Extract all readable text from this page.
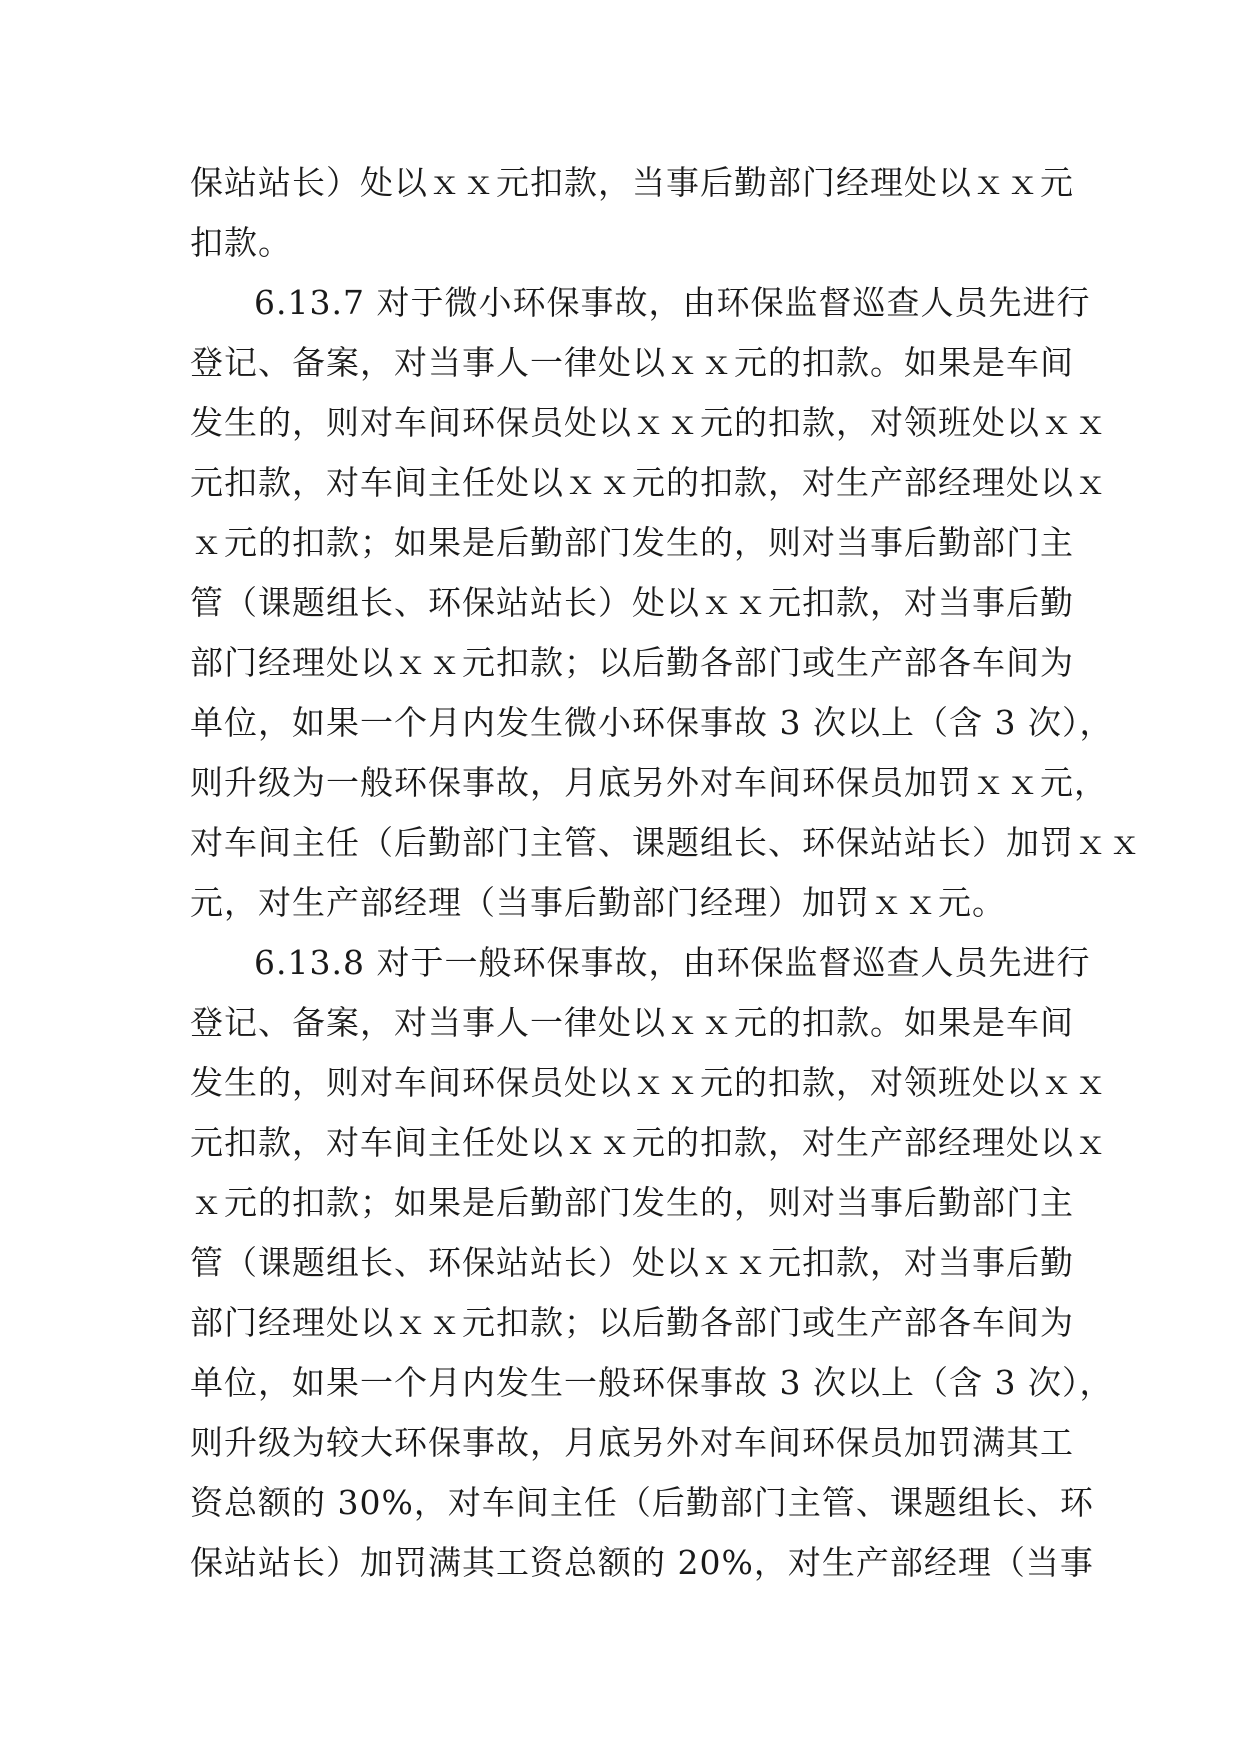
保站站长）处以ｘｘ元扣款，当事后勤部门经理处以ｘｘ元
扣款。
6.13.7 对于微小环保事故，由环保监督巡查人员先进行
登记、备案，对当事人一律处以ｘｘ元的扣款。如果是车间
发生的，则对车间环保员处以ｘｘ元的扣款，对领班处以ｘｘ
元扣款，对车间主任处以ｘｘ元的扣款，对生产部经理处以ｘ
ｘ元的扣款；如果是后勤部门发生的，则对当事后勤部门主
管（课题组长、环保站站长）处以ｘｘ元扣款，对当事后勤
部门经理处以ｘｘ元扣款；以后勤各部门或生产部各车间为
单位，如果一个月内发生微小环保事故 3 次以上（含 3 次），
则升级为一般环保事故，月底另外对车间环保员加罚ｘｘ元，
对车间主任（后勤部门主管、课题组长、环保站站长）加罚ｘｘ
元，对生产部经理（当事后勤部门经理）加罚ｘｘ元。
6.13.8 对于一般环保事故，由环保监督巡查人员先进行
登记、备案，对当事人一律处以ｘｘ元的扣款。如果是车间
发生的，则对车间环保员处以ｘｘ元的扣款，对领班处以ｘｘ
元扣款，对车间主任处以ｘｘ元的扣款，对生产部经理处以ｘ
ｘ元的扣款；如果是后勤部门发生的，则对当事后勤部门主
管（课题组长、环保站站长）处以ｘｘ元扣款，对当事后勤
部门经理处以ｘｘ元扣款；以后勤各部门或生产部各车间为
单位，如果一个月内发生一般环保事故 3 次以上（含 3 次），
则升级为较大环保事故，月底另外对车间环保员加罚满其工
资总额的 30%，对车间主任（后勤部门主管、课题组长、环
保站站长）加罚满其工资总额的 20%，对生产部经理（当事
